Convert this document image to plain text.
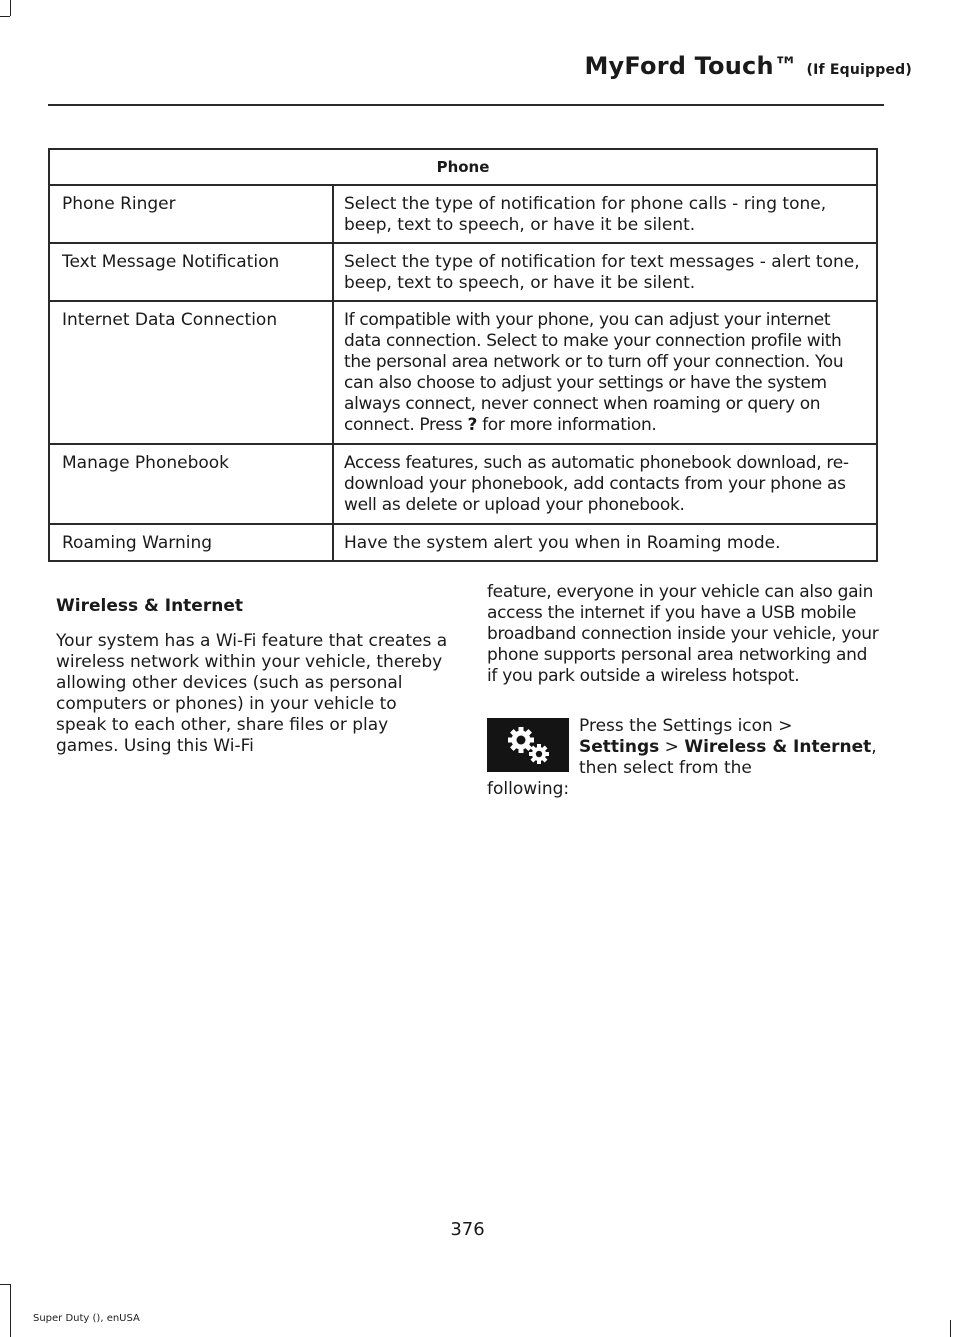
MyFord Touch™ (If Equipped)
Phone	
Phone Ringer	Select the type of notification for phone calls - ring tone, beep, text to speech, or have it be silent.
Text Message Notification	Select the type of notification for text messages - alert tone, beep, text to speech, or have it be silent.
Internet Data Connection	If compatible with your phone, you can adjust your internet data connection. Select to make your connection profile with the personal area network or to turn off your connection. You can also choose to adjust your settings or have the system always connect, never connect when roaming or query on connect. Press ? for more information.
Manage Phonebook	Access features, such as automatic phonebook download, re-download your phonebook, add contacts from your phone as well as delete or upload your phonebook.
Roaming Warning	Have the system alert you when in Roaming mode.
Wireless & Internet

Your system has a Wi-Fi feature that creates a wireless network within your vehicle, thereby allowing other devices (such as personal computers or phones) in your vehicle to speak to each other, share files or play games. Using this Wi-Fi

feature, everyone in your vehicle can also gain access the internet if you have a USB mobile broadband connection inside your vehicle, your phone supports personal area networking and if you park outside a wireless hotspot.

Press the Settings icon >
Settings > Wireless & Internet, then select from the

following:

376
Super Duty (), enUSA
